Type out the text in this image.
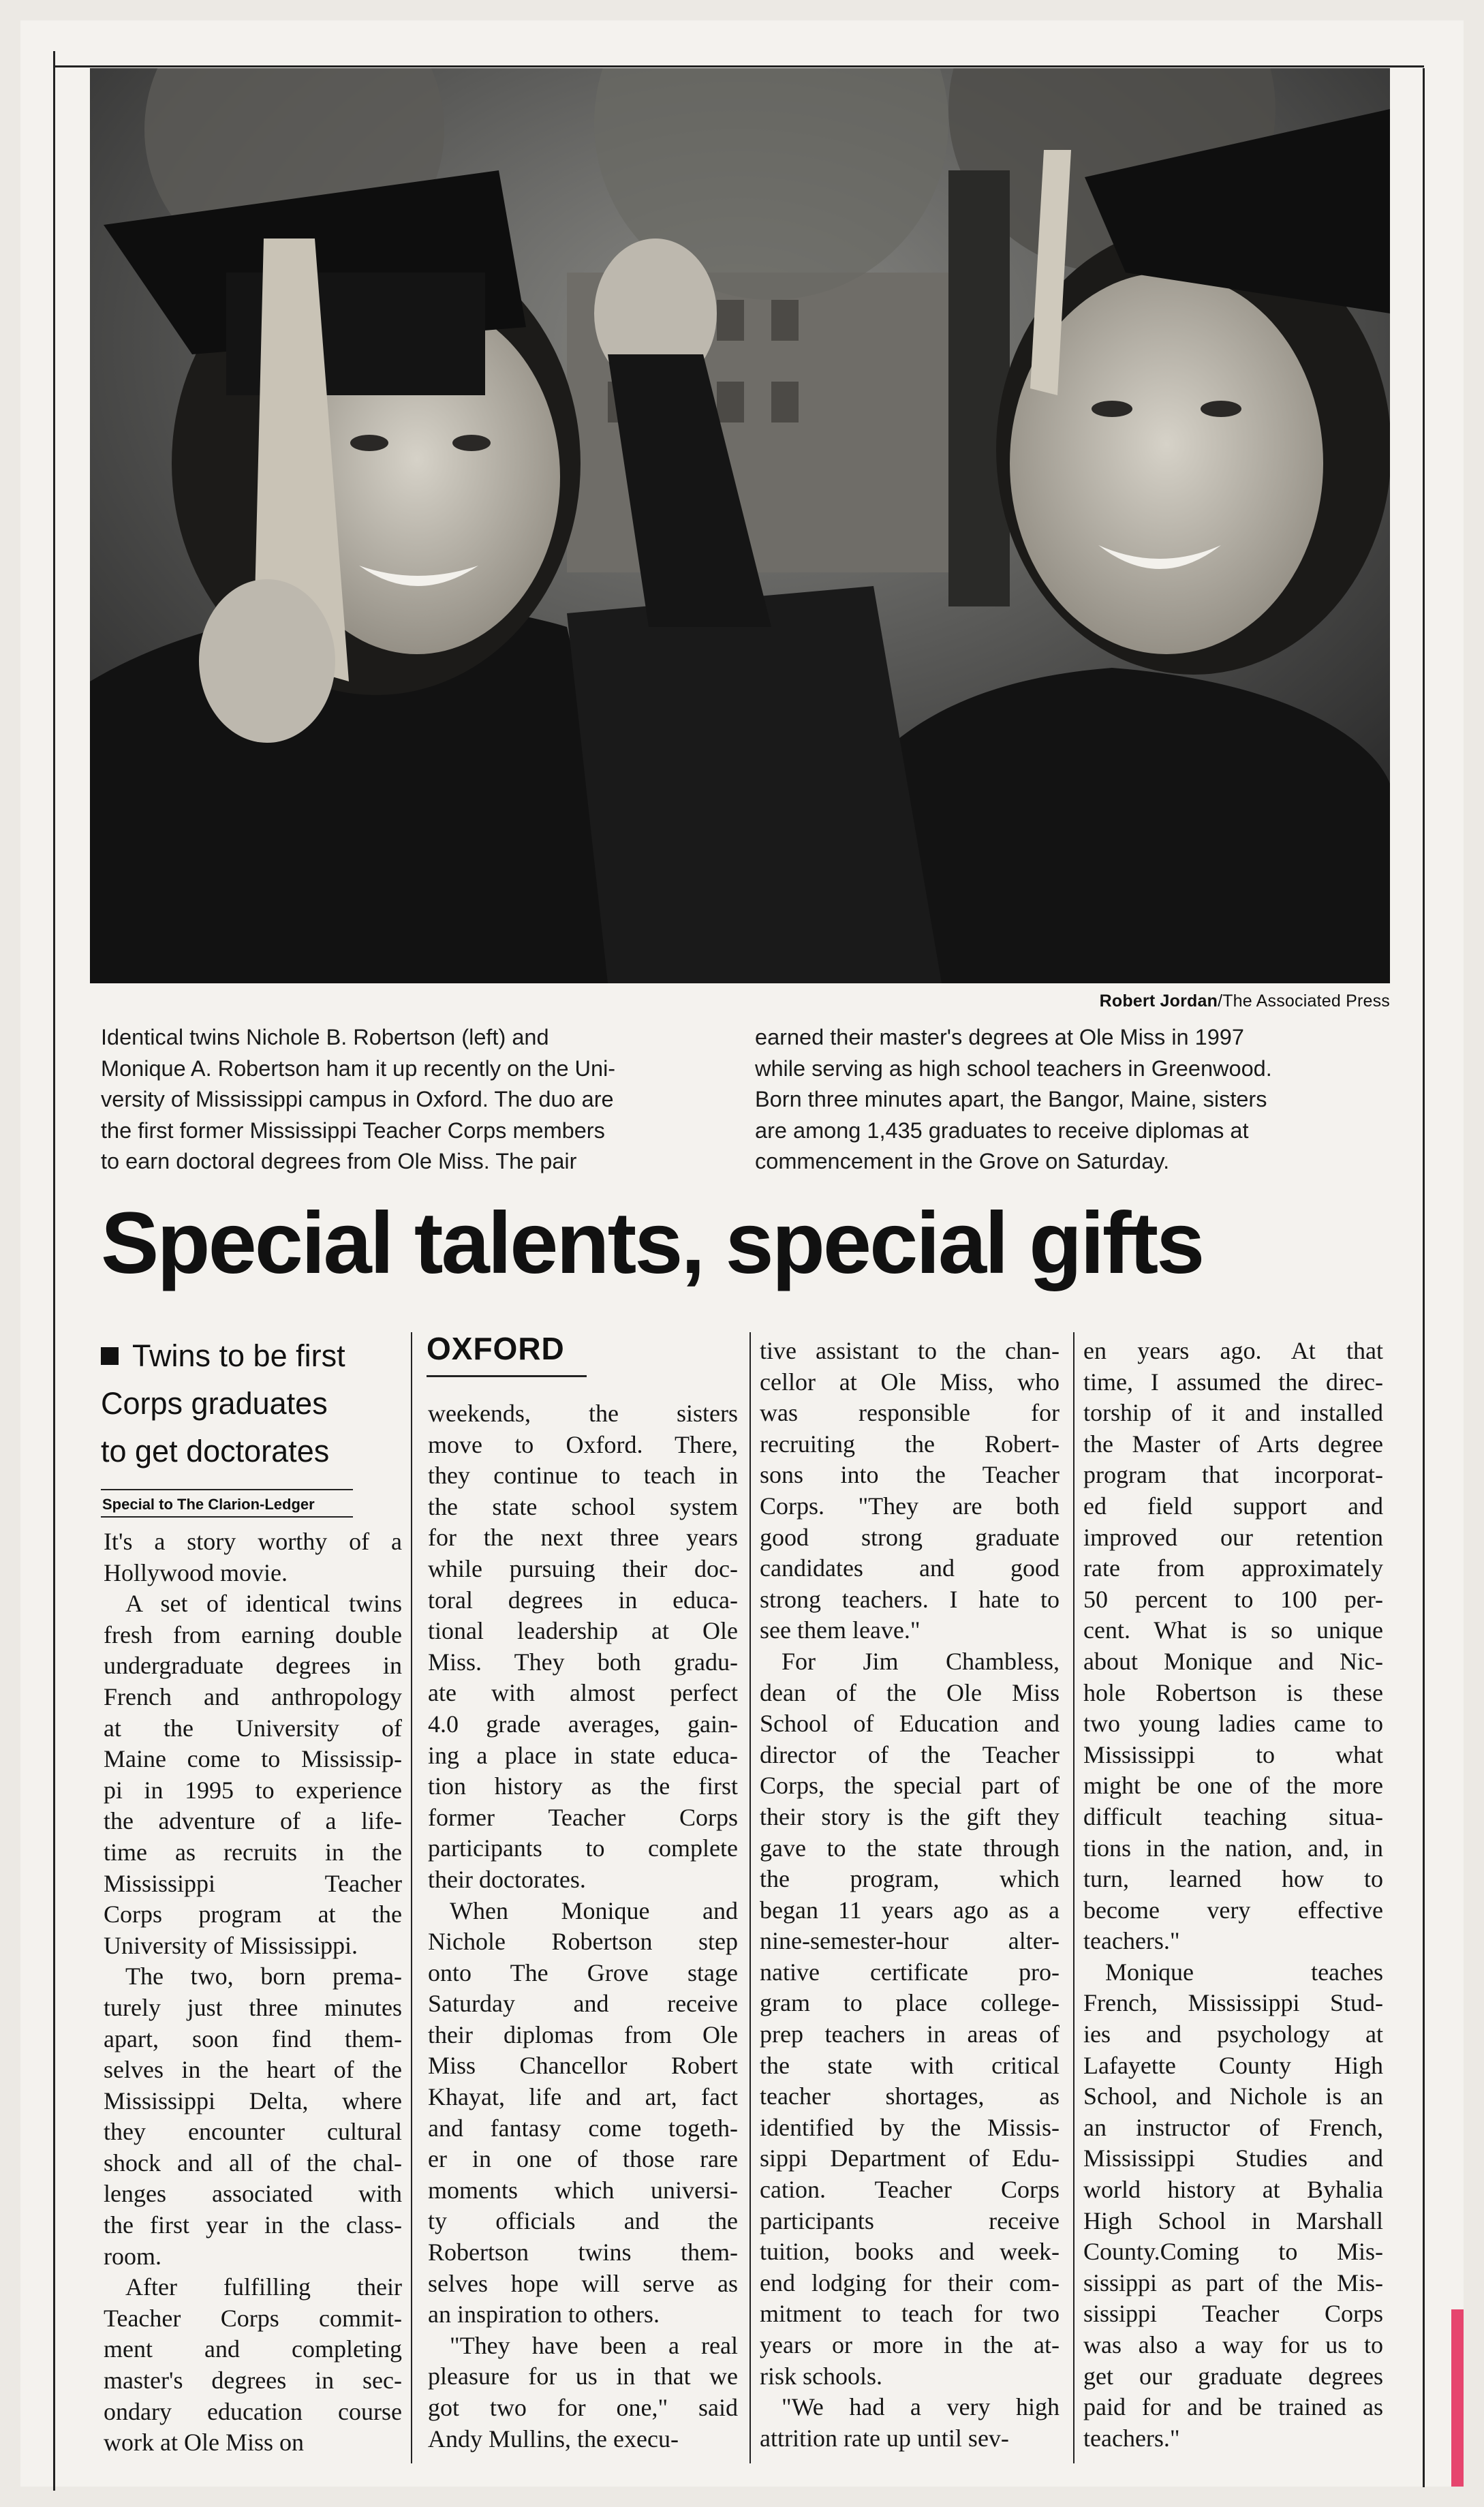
Robert Jordan/The Associated Press
Identical twins Nichole B. Robertson (left) and
Monique A. Robertson ham it up recently on the Uni-
versity of Mississippi campus in Oxford. The duo are
the first former Mississippi Teacher Corps members
to earn doctoral degrees from Ole Miss. The pair
earned their master's degrees at Ole Miss in 1997
while serving as high school teachers in Greenwood.
Born three minutes apart, the Bangor, Maine, sisters
are among 1,435 graduates to receive diplomas at
commencement in the Grove on Saturday.
Special talents, special gifts
Twins to be first
Corps graduates
to get doctorates
Special to The Clarion-Ledger
OXFORD
It's a story worthy of a
Hollywood movie.
A set of identical twins
fresh from earning double
undergraduate degrees in
French and anthropology
at the University of
Maine come to Mississip-
pi in 1995 to experience
the adventure of a life-
time as recruits in the
Mississippi Teacher
Corps program at the
University of Mississippi.
The two, born prema-
turely just three minutes
apart, soon find them-
selves in the heart of the
Mississippi Delta, where
they encounter cultural
shock and all of the chal-
lenges associated with
the first year in the class-
room.
After fulfilling their
Teacher Corps commit-
ment and completing
master's degrees in sec-
ondary education course
work at Ole Miss on
weekends, the sisters
move to Oxford. There,
they continue to teach in
the state school system
for the next three years
while pursuing their doc-
toral degrees in educa-
tional leadership at Ole
Miss. They both gradu-
ate with almost perfect
4.0 grade averages, gain-
ing a place in state educa-
tion history as the first
former Teacher Corps
participants to complete
their doctorates.
When Monique and
Nichole Robertson step
onto The Grove stage
Saturday and receive
their diplomas from Ole
Miss Chancellor Robert
Khayat, life and art, fact
and fantasy come togeth-
er in one of those rare
moments which universi-
ty officials and the
Robertson twins them-
selves hope will serve as
an inspiration to others.
"They have been a real
pleasure for us in that we
got two for one," said
Andy Mullins, the execu-
tive assistant to the chan-
cellor at Ole Miss, who
was responsible for
recruiting the Robert-
sons into the Teacher
Corps. "They are both
good strong graduate
candidates and good
strong teachers. I hate to
see them leave."
For Jim Chambless,
dean of the Ole Miss
School of Education and
director of the Teacher
Corps, the special part of
their story is the gift they
gave to the state through
the program, which
began 11 years ago as a
nine-semester-hour alter-
native certificate pro-
gram to place college-
prep teachers in areas of
the state with critical
teacher shortages, as
identified by the Missis-
sippi Department of Edu-
cation. Teacher Corps
participants receive
tuition, books and week-
end lodging for their com-
mitment to teach for two
years or more in the at-
risk schools.
"We had a very high
attrition rate up until sev-
en years ago. At that
time, I assumed the direc-
torship of it and installed
the Master of Arts degree
program that incorporat-
ed field support and
improved our retention
rate from approximately
50 percent to 100 per-
cent. What is so unique
about Monique and Nic-
hole Robertson is these
two young ladies came to
Mississippi to what
might be one of the more
difficult teaching situa-
tions in the nation, and, in
turn, learned how to
become very effective
teachers."
Monique teaches
French, Mississippi Stud-
ies and psychology at
Lafayette County High
School, and Nichole is an
an instructor of French,
Mississippi Studies and
world history at Byhalia
High School in Marshall
County.Coming to Mis-
sissippi as part of the Mis-
sissippi Teacher Corps
was also a way for us to
get our graduate degrees
paid for and be trained as
teachers."
